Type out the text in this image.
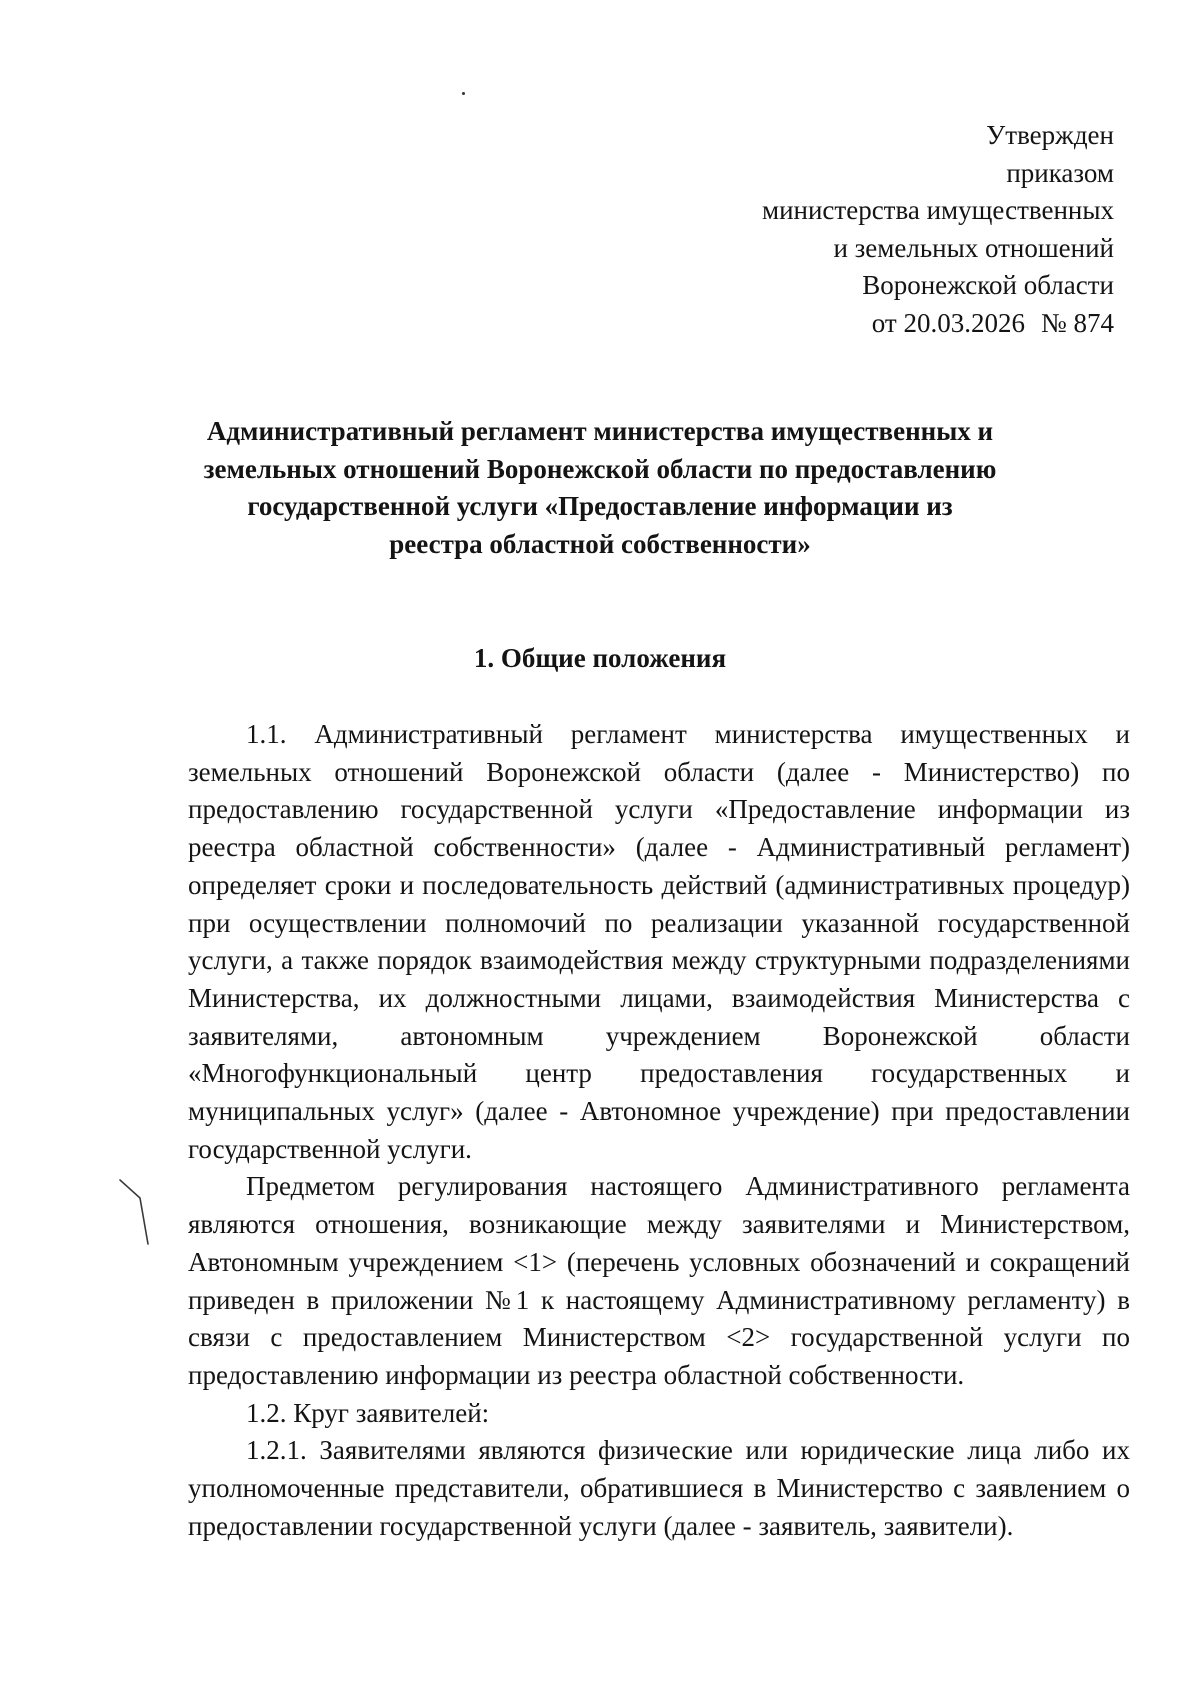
Утвержден
приказом
министерства имущественных
и земельных отношений
Воронежской области
от 20.03.2026 № 874
Административный регламент министерства имущественных и земельных отношений Воронежской области по предоставлению государственной услуги «Предоставление информации из реестра областной собственности»
1. Общие положения

1.1. Административный регламент министерства имущественных и земельных отношений Воронежской области (далее - Министерство) по предоставлению государственной услуги «Предоставление информации из реестра областной собственности» (далее - Административный регламент) определяет сроки и последовательность действий (административных процедур) при осуществлении полномочий по реализации указанной государственной услуги, а также порядок взаимодействия между структурными подразделениями Министерства, их должностными лицами, взаимодействия Министерства с заявителями, автономным учреждением Воронежской области «Многофункциональный центр предоставления государственных и муниципальных услуг» (далее - Автономное учреждение) при предоставлении государственной услуги.

Предметом регулирования настоящего Административного регламента являются отношения, возникающие между заявителями и Министерством, Автономным учреждением <1> (перечень условных обозначений и сокращений приведен в приложении №1 к настоящему Административному регламенту) в связи с предоставлением Министерством <2> государственной услуги по предоставлению информации из реестра областной собственности.

1.2. Круг заявителей:

1.2.1. Заявителями являются физические или юридические лица либо их уполномоченные представители, обратившиеся в Министерство с заявлением о предоставлении государственной услуги (далее - заявитель, заявители).
